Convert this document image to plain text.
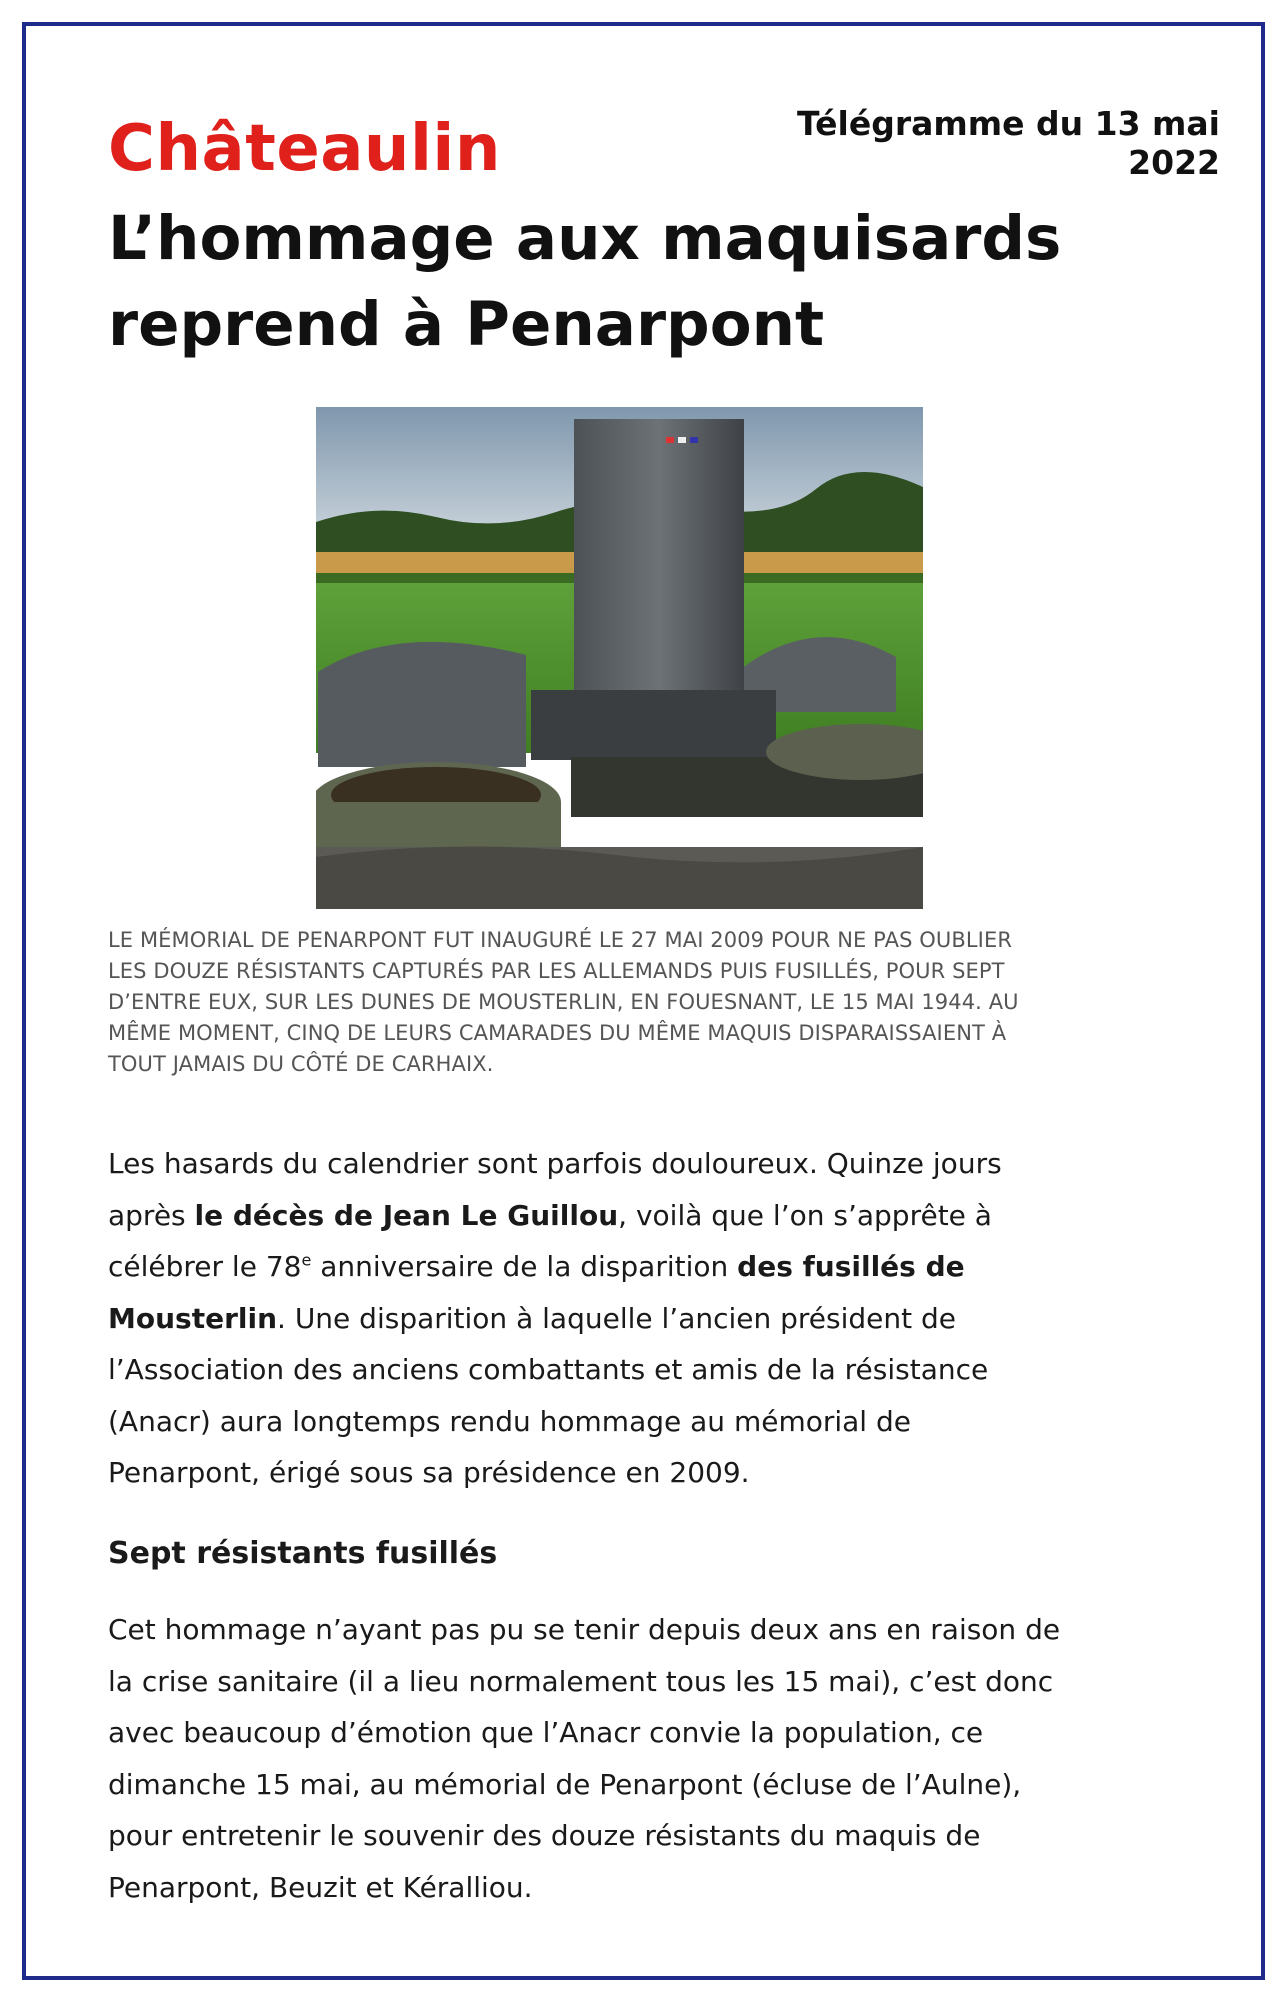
Télégramme du 13 mai 2022
Châteaulin
L’hommage aux maquisards
reprend à Penarpont
LE MÉMORIAL DE PENARPONT FUT INAUGURÉ LE 27 MAI 2009 POUR NE PAS OUBLIER
LES DOUZE RÉSISTANTS CAPTURÉS PAR LES ALLEMANDS PUIS FUSILLÉS, POUR SEPT
D’ENTRE EUX, SUR LES DUNES DE MOUSTERLIN, EN FOUESNANT, LE 15 MAI 1944. AU
MÊME MOMENT, CINQ DE LEURS CAMARADES DU MÊME MAQUIS DISPARAISSAIENT À
TOUT JAMAIS DU CÔTÉ DE CARHAIX.
Les hasards du calendrier sont parfois douloureux. Quinze jours
après le décès de Jean Le Guillou, voilà que l’on s’apprête à
célébrer le 78e anniversaire de la disparition des fusillés de
Mousterlin. Une disparition à laquelle l’ancien président de
l’Association des anciens combattants et amis de la résistance
(Anacr) aura longtemps rendu hommage au mémorial de
Penarpont, érigé sous sa présidence en 2009.
Sept résistants fusillés
Cet hommage n’ayant pas pu se tenir depuis deux ans en raison de
la crise sanitaire (il a lieu normalement tous les 15 mai), c’est donc
avec beaucoup d’émotion que l’Anacr convie la population, ce
dimanche 15 mai, au mémorial de Penarpont (écluse de l’Aulne),
pour entretenir le souvenir des douze résistants du maquis de
Penarpont, Beuzit et Kéralliou.
